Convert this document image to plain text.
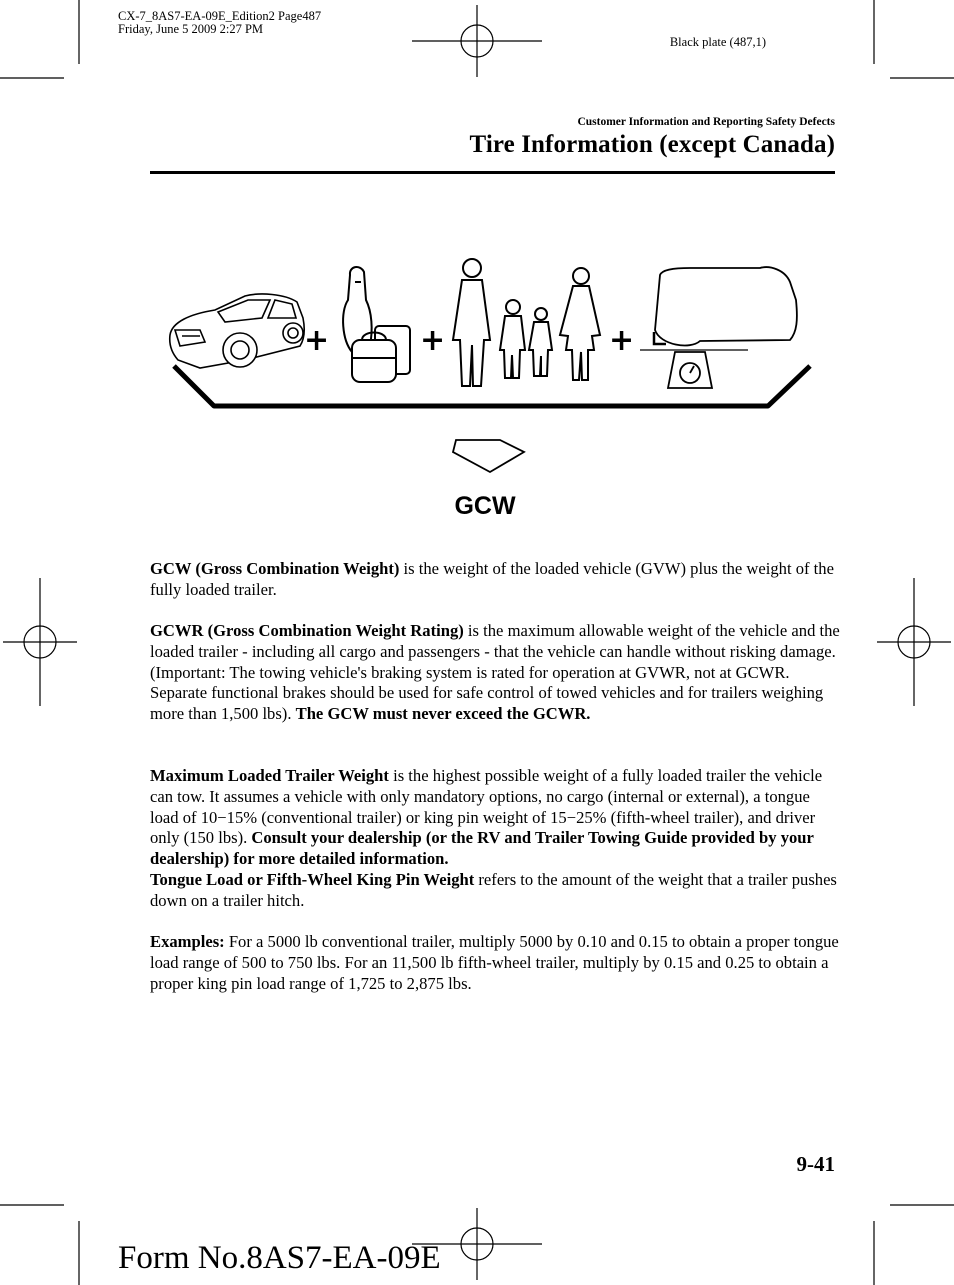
+	+	+
GCW
CX-7_8AS7-EA-09E_Edition2 Page487
Friday, June 5 2009 2:27 PM
Black plate (487,1)
Customer Information and Reporting Safety Defects
Tire Information (except Canada)

GCW (Gross Combination Weight) is the weight of the loaded vehicle (GVW) plus the weight of the fully loaded trailer.

GCWR (Gross Combination Weight Rating) is the maximum allowable weight of the vehicle and the loaded trailer - including all cargo and passengers - that the vehicle can handle without risking damage. (Important: The towing vehicle's braking system is rated for operation at GVWR, not at GCWR. Separate functional brakes should be used for safe control of towed vehicles and for trailers weighing more than 1,500 lbs). The GCW must never exceed the GCWR.

Maximum Loaded Trailer Weight is the highest possible weight of a fully loaded trailer the vehicle can tow. It assumes a vehicle with only mandatory options, no cargo (internal or external), a tongue load of 10−15% (conventional trailer) or king pin weight of 15−25% (fifth-wheel trailer), and driver only (150 lbs). Consult your dealership (or the RV and Trailer Towing Guide provided by your dealership) for more detailed information.
Tongue Load or Fifth-Wheel King Pin Weight refers to the amount of the weight that a trailer pushes down on a trailer hitch.

Examples: For a 5000 lb conventional trailer, multiply 5000 by 0.10 and 0.15 to obtain a proper tongue load range of 500 to 750 lbs. For an 11,500 lb fifth-wheel trailer, multiply by 0.15 and 0.25 to obtain a proper king pin load range of 1,725 to 2,875 lbs.

9-41
Form No.8AS7-EA-09E
